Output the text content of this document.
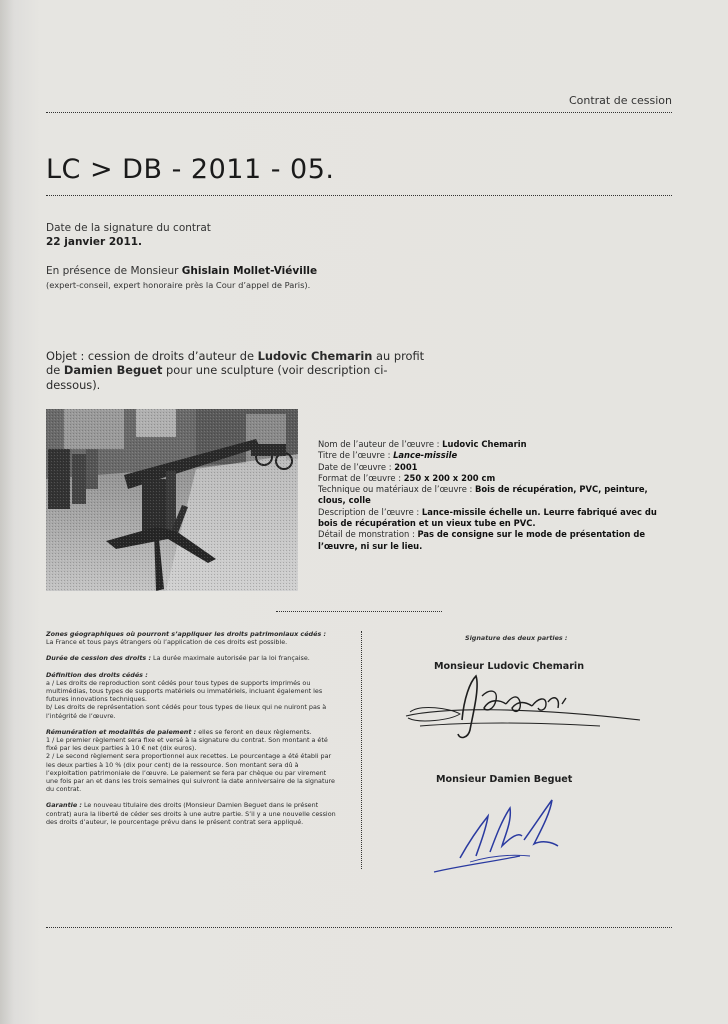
Contrat de cession
LC > DB - 2011 - 05.
Date de la signature du contrat
22 janvier 2011.
En présence de Monsieur Ghislain Mollet-Viéville
(expert-conseil, expert honoraire près la Cour d’appel de Paris).
Objet : cession de droits d’auteur de Ludovic Chemarin au profit de Damien Beguet pour une sculpture (voir description ci-dessous).
Nom de l’auteur de l’œuvre : Ludovic Chemarin
Titre de l’œuvre : Lance-missile
Date de l’œuvre : 2001
Format de l’œuvre : 250 x 200 x 200 cm
Technique ou matériaux de l’œuvre : Bois de récupération, PVC, peinture, clous, colle
Description de l’œuvre : Lance-missile échelle un. Leurre fabriqué avec du bois de récupération et un vieux tube en PVC.
Détail de monstration : Pas de consigne sur le mode de présentation de l’œuvre, ni sur le lieu.

Zones géographiques où pourront s’appliquer les droits patrimoniaux cédés :
La France et tous pays étrangers où l’application de ces droits est possible.

Durée de cession des droits : La durée maximale autorisée par la loi française.

Définition des droits cédés :
a / Les droits de reproduction sont cédés pour tous types de supports imprimés ou multimédias, tous types de supports matériels ou immatériels, incluant également les futures innovations techniques.
b/ Les droits de représentation sont cédés pour tous types de lieux qui ne nuiront pas à l’intégrité de l’œuvre.

Rémunération et modalités de paiement : elles se feront en deux règlements.
1 / Le premier règlement sera fixe et versé à la signature du contrat. Son montant a été fixé par les deux parties à 10 € net (dix euros).
2 / Le second règlement sera proportionnel aux recettes. Le pourcentage a été établi par les deux parties à 10 % (dix pour cent) de la ressource. Son montant sera dû à l’exploitation patrimoniale de l’œuvre. Le paiement se fera par chèque ou par virement une fois par an et dans les trois semaines qui suivront la date anniversaire de la signature du contrat.

Garantie : Le nouveau titulaire des droits (Monsieur Damien Beguet dans le présent contrat) aura la liberté de céder ses droits à une autre partie. S’il y a une nouvelle cession des droits d’auteur, le pourcentage prévu dans le présent contrat sera appliqué.

Signature des deux parties :
Monsieur Ludovic Chemarin
Monsieur Damien Beguet
